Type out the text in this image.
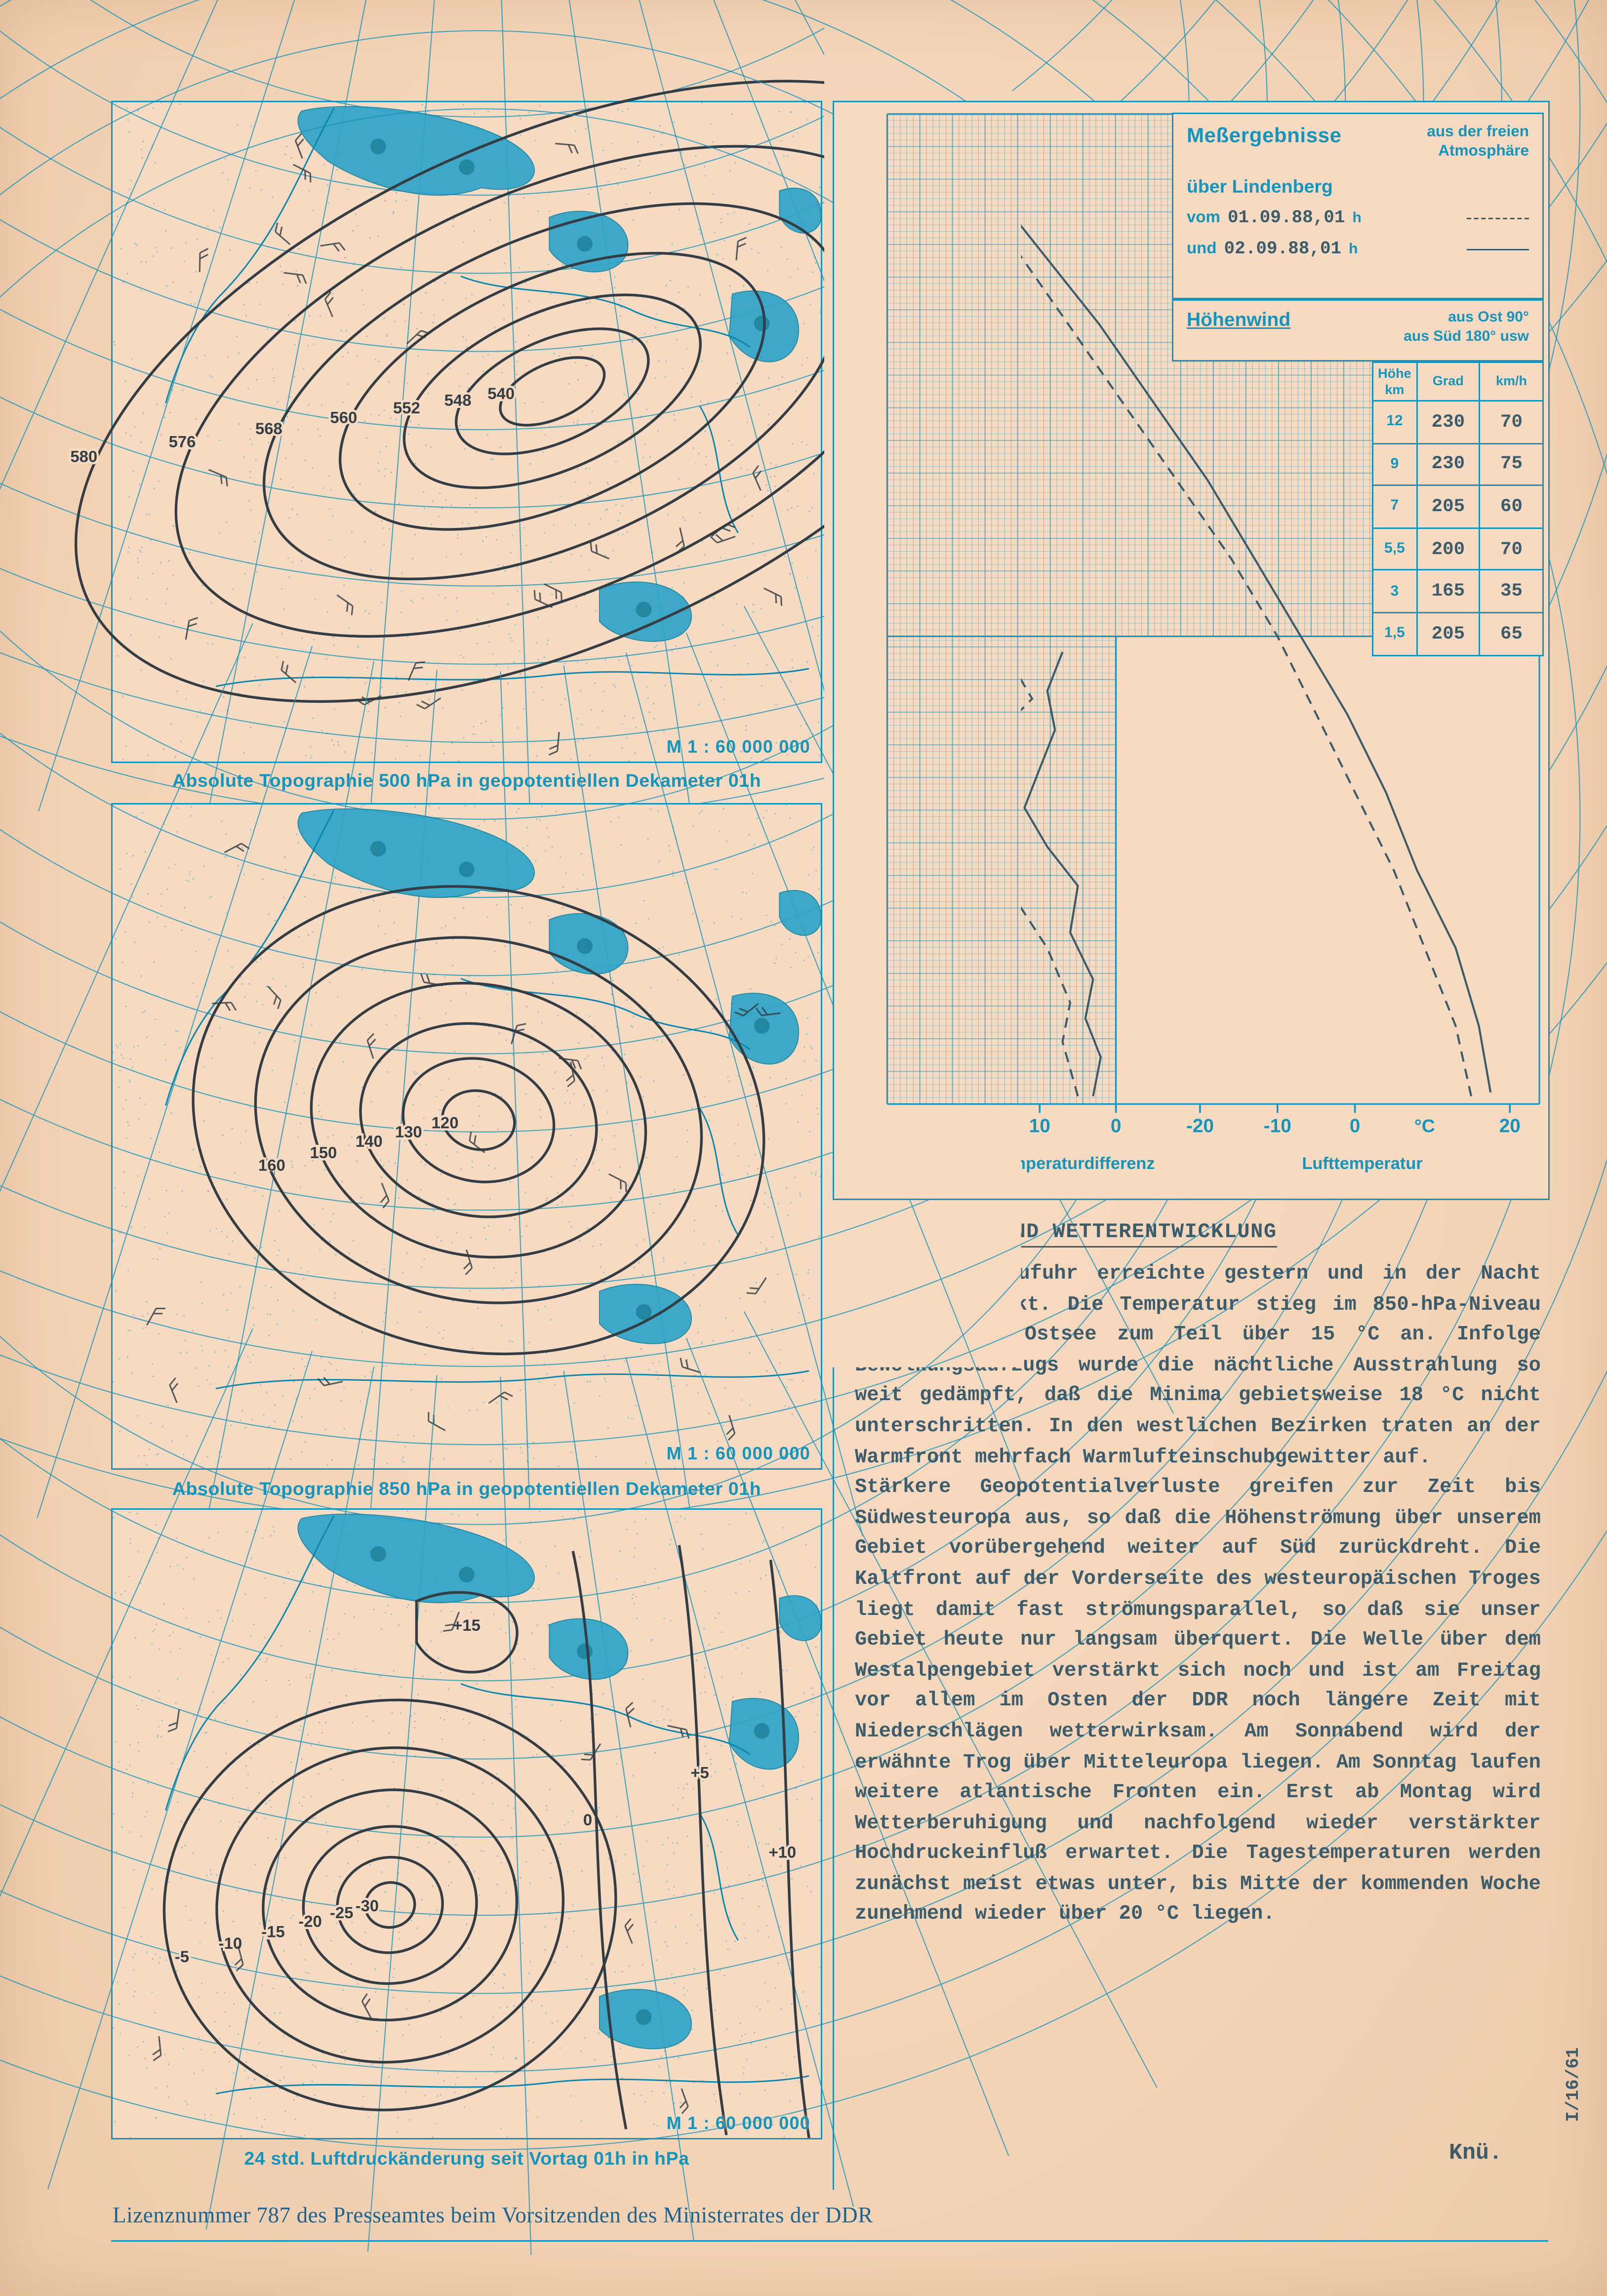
540
548
552
560
568
576
580
M 1 : 60 000 000
Absolute Topographie 500 hPa in geopotentiellen Dekameter 01h
120
130
140
150
160
M 1 : 60 000 000
Absolute Topographie 850 hPa in geopotentiellen Dekameter 01h
-30
-25
-20
-15
-10
-5
0
+5
+10
+15
M 1 : 60 000 000
24 std. Luftdruckänderung seit Vortag 01h in hPa
12
10
9
8
7
6
5
4
3
2
1
km
Höhe
30	10	0
K	-20	-10	0	20
°C
Taupunkttemperaturdifferenz	Lufttemperatur
Meßergebnisse	aus der freien Atmosphäre
über Lindenberg
vom 01.09.88,01 h
und 02.09.88,01 h
Höhenwind	aus Ost 90°
aus Süd 180° usw
Höhe
km	Grad	km/h
12	230	70
9	230	75
7	205	60
5,5	200	70
3	165	35
1,5	205	65
WETTERLAGE UND WETTERENTWICKLUNG

Die Warmluftzufuhr erreichte gestern und in der Nacht ihren Höhepunkt. Die Temperatur stieg im 850-hPa-Niveau bis hin zur Ostsee zum Teil über 15 °C an. Infolge Bewölkungsaufzugs wurde die nächtliche Ausstrahlung so weit gedämpft, daß die Minima gebietsweise 18 °C nicht unterschritten. In den westlichen Bezirken traten an der Warmfront mehrfach Warmlufteinschubgewitter auf.

Stärkere Geopotentialverluste greifen zur Zeit bis Südwesteuropa aus, so daß die Höhenströmung über unserem Gebiet vorübergehend weiter auf Süd zurückdreht. Die Kaltfront auf der Vorderseite des westeuropäischen Troges liegt damit fast strömungsparallel, so daß sie unser Gebiet heute nur langsam überquert. Die Welle über dem Westalpengebiet verstärkt sich noch und ist am Freitag vor allem im Osten der DDR noch längere Zeit mit Niederschlägen wetterwirksam. Am Sonnabend wird der erwähnte Trog über Mitteleuropa liegen. Am Sonntag laufen weitere atlantische Fronten ein. Erst ab Montag wird Wetterberuhigung und nachfolgend wieder verstärkter Hochdruckeinfluß erwartet. Die Tagestemperaturen werden zunächst meist etwas unter, bis Mitte der kommenden Woche zunehmend wieder über 20 °C liegen.

Knü.
Lizenznummer 787 des Presseamtes beim Vorsitzenden des Ministerrates der DDR
I/16/61
